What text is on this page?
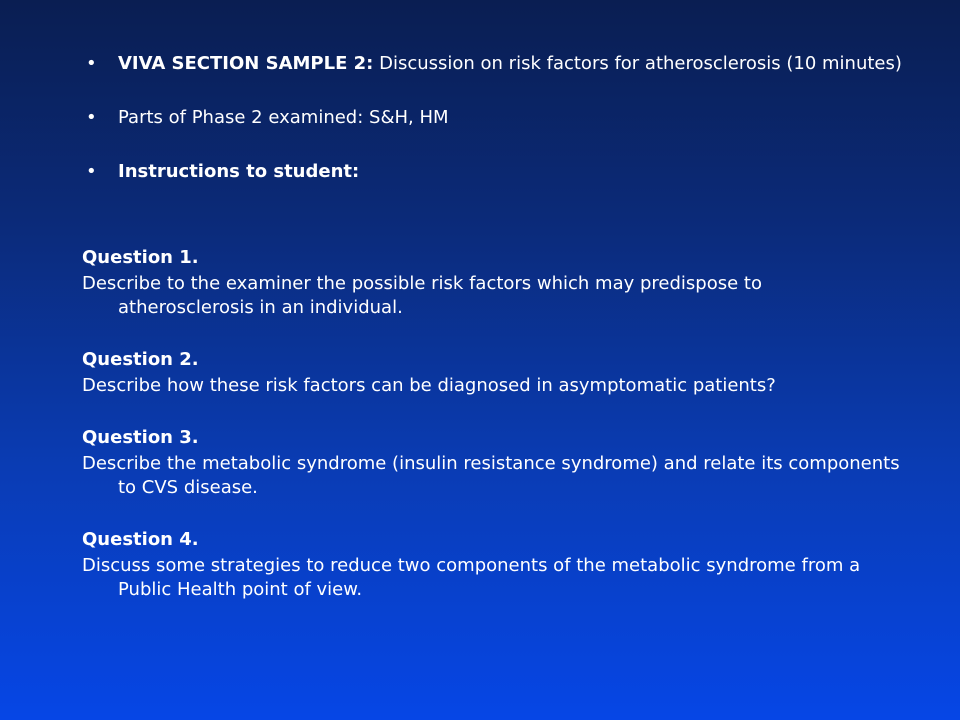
• VIVA SECTION SAMPLE 2: Discussion on risk factors for atherosclerosis (10 minutes)
• Parts of Phase 2 examined: S&H, HM
• Instructions to student:
Question 1.
Describe to the examiner the possible risk factors which may predispose to atherosclerosis in an individual.
Question 2.
Describe how these risk factors can be diagnosed in asymptomatic patients?
Question 3.
Describe the metabolic syndrome (insulin resistance syndrome) and relate its components to CVS disease.
Question 4.
Discuss some strategies to reduce two components of the metabolic syndrome from a Public Health point of view.
